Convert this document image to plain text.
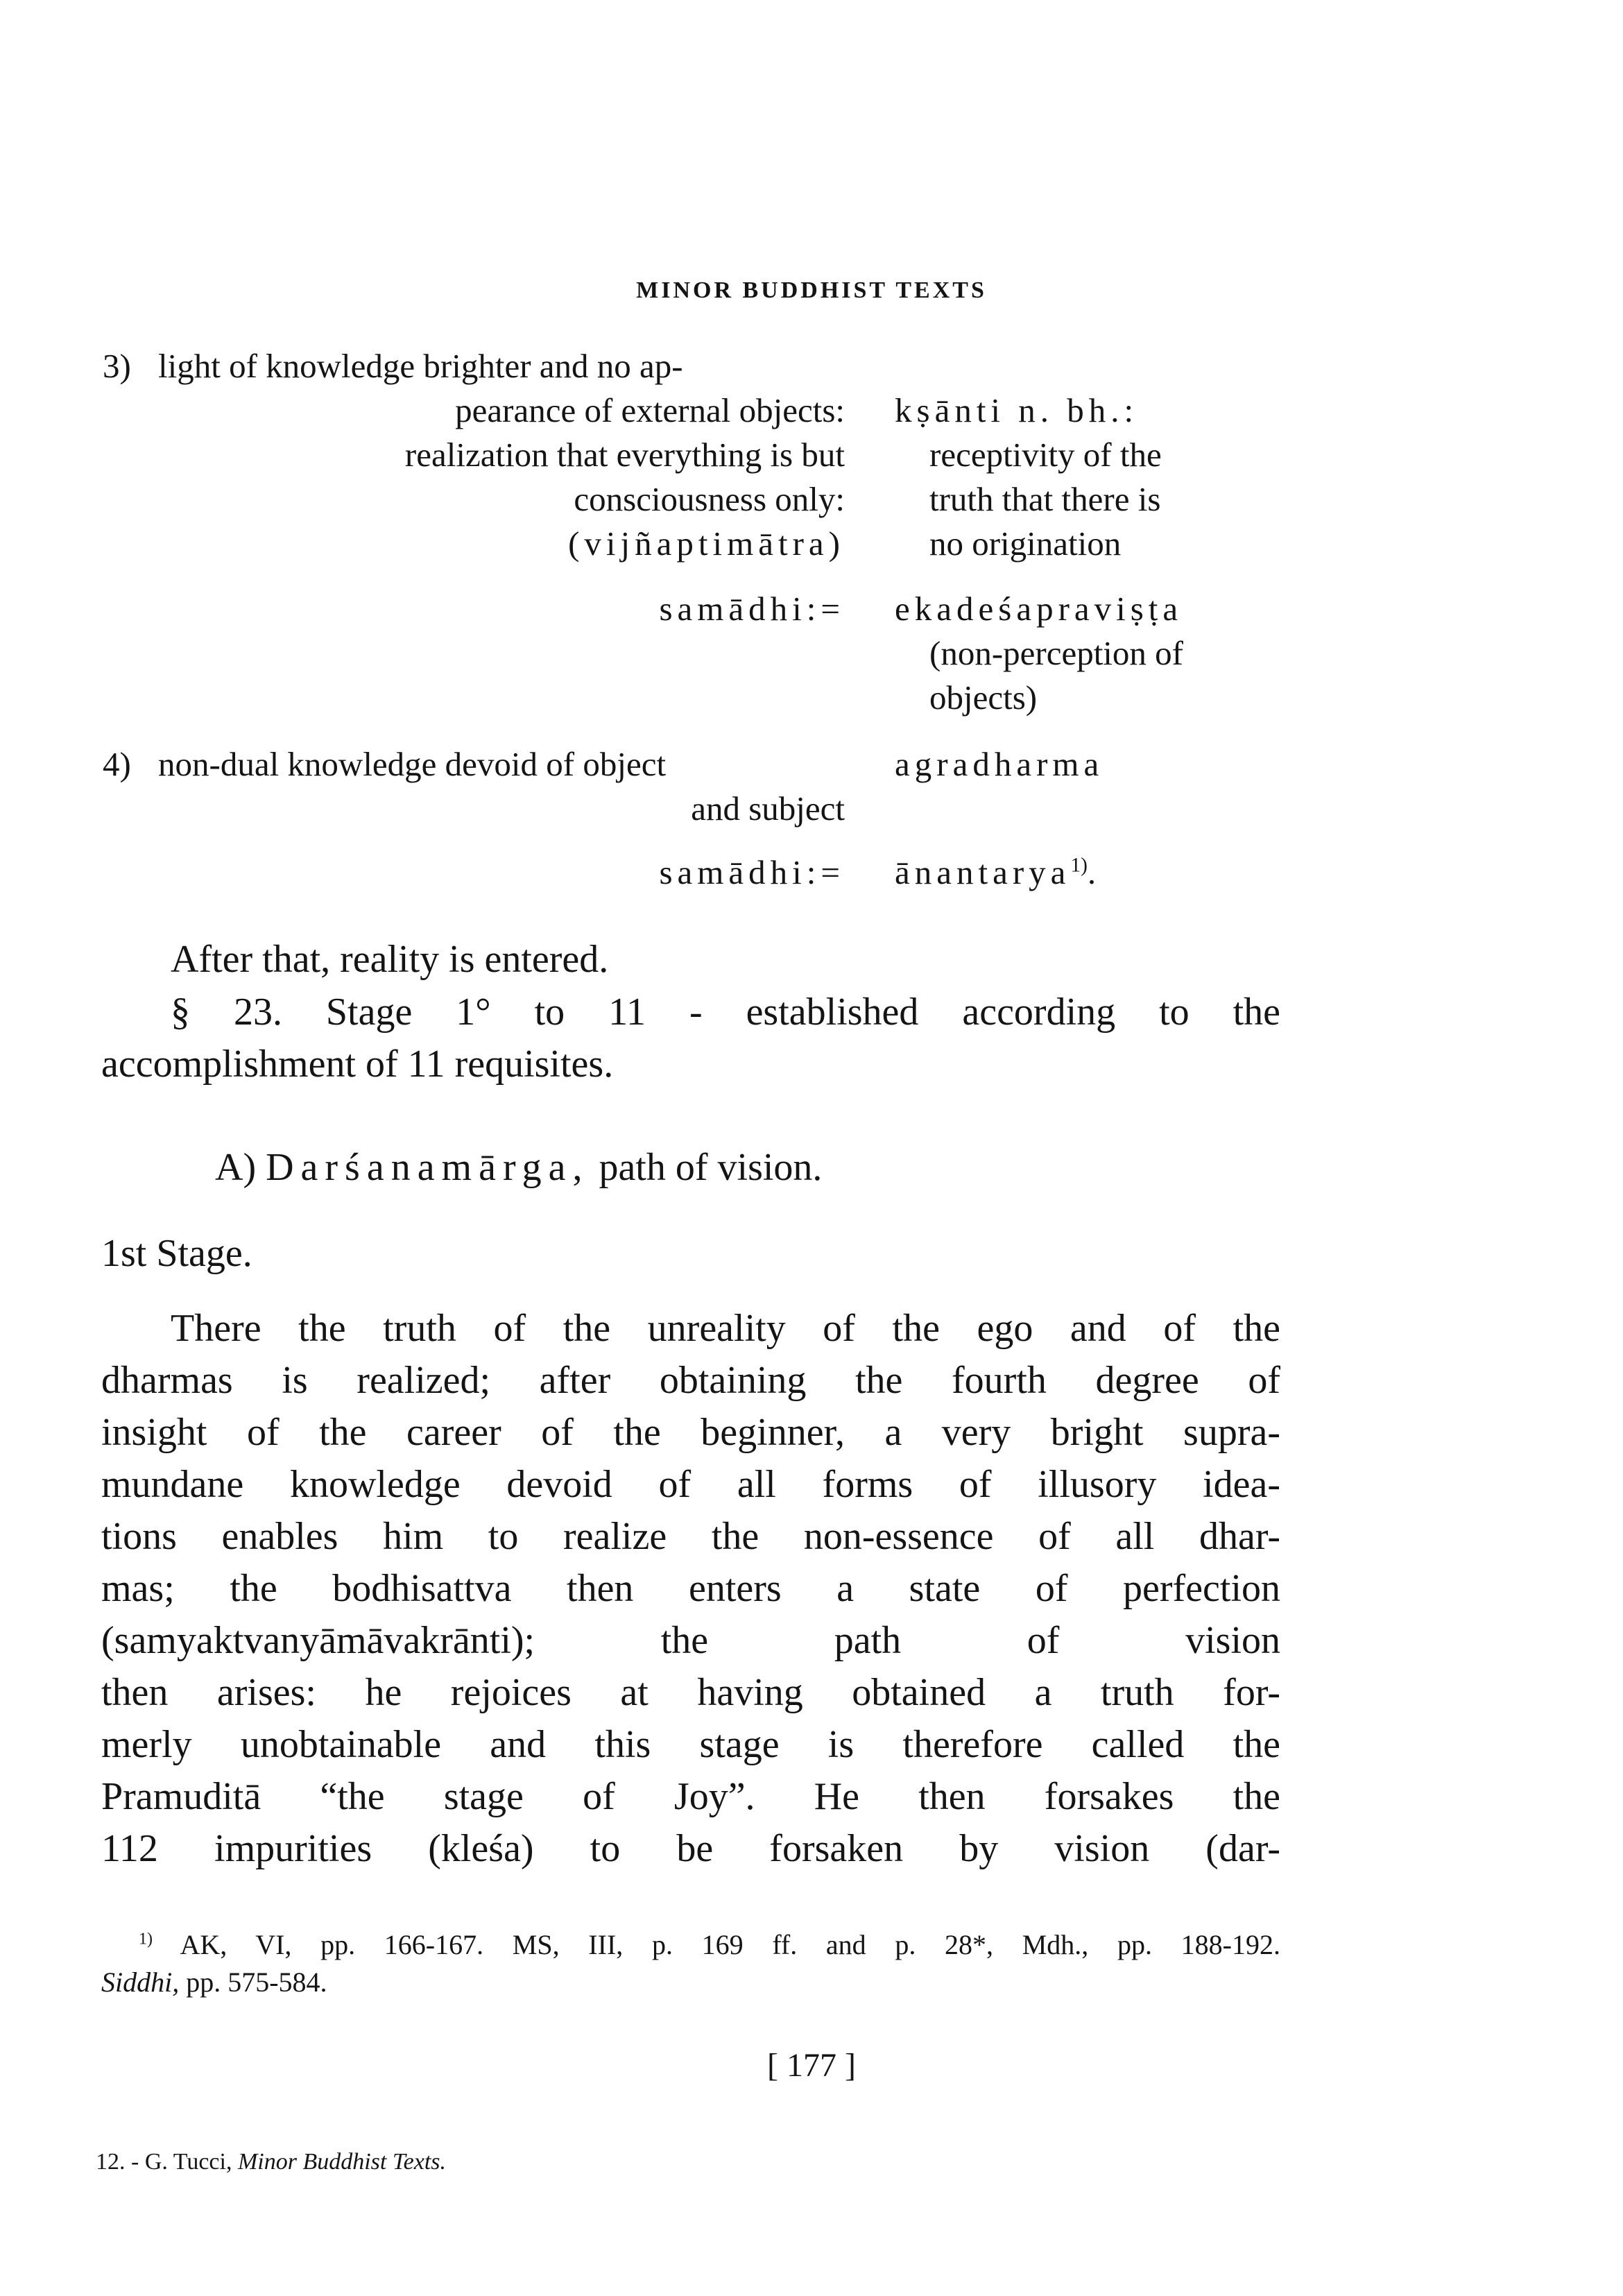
MINOR BUDDHIST TEXTS
3) light of knowledge brighter and no ap-
pearance of external objects:
realization that everything is but
consciousness only:
(vijñaptimātra)
kṣānti n. bh.:
receptivity of the
truth that there is
no origination
samādhi:= ekadeśapraviṣṭa
(non-perception of
objects)
4) non-dual knowledge devoid of object
and subject
agradharma
samādhi:= ānantarya$^{1)}$.
After that, reality is entered.
§ 23. Stage 1° to 11 - established according to the
accomplishment of 11 requisites.
A) Darśanamārga, path of vision.
1st Stage.
There the truth of the unreality of the ego and of the
dharmas is realized; after obtaining the fourth degree of
insight of the career of the beginner, a very bright supra-
mundane knowledge devoid of all forms of illusory idea-
tions enables him to realize the non-essence of all dhar-
mas; the bodhisattva then enters a state of perfection
(samyaktvanyāmāvakrānti); the path of vision
then arises: he rejoices at having obtained a truth for-
merly unobtainable and this stage is therefore called the
Pramuditā “the stage of Joy”. He then forsakes the
112 impurities (kleśa) to be forsaken by vision (dar-
$^{1)}$ AK, VI, pp. 166-167. MS, III, p. 169 ff. and p. 28*, Mdh., pp. 188-192.
Siddhi, pp. 575-584.
[ 177 ]
12. - G. Tucci, Minor Buddhist Texts.
